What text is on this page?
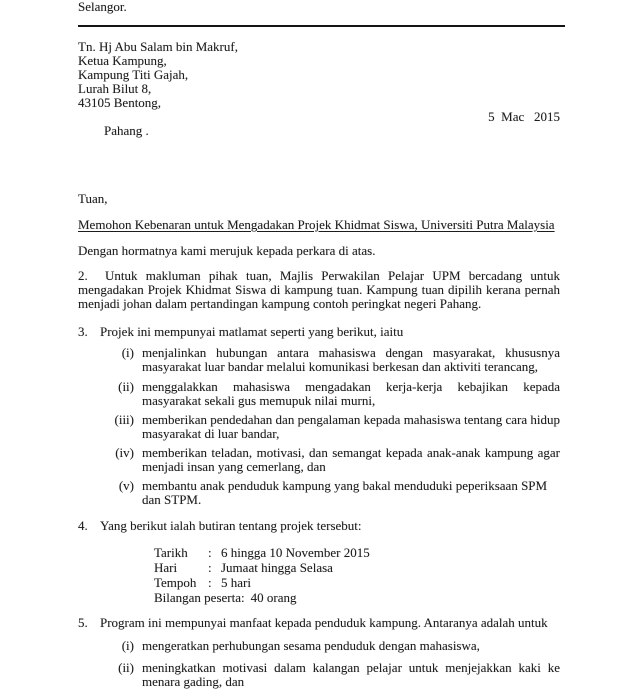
Selangor.
Tn. Hj Abu Salam bin Makruf,
Ketua Kampung,
Kampung Titi Gajah,
Lurah Bilut 8,
43105 Bentong,

Pahang .

5  Mac   2015

Tuan,
Memohon Kebenaran untuk Mengadakan Projek Khidmat Siswa, Universiti Putra Malaysia
Dengan hormatnya kami merujuk kepada perkara di atas.
2. Untuk makluman pihak tuan, Majlis Perwakilan Pelajar UPM bercadang untuk mengadakan Projek Khidmat Siswa di kampung tuan. Kampung tuan dipilih kerana pernah menjadi johan dalam pertandingan kampung contoh peringkat negeri Pahang.
3. Projek ini mempunyai matlamat seperti yang berikut, iaitu
(i) menjalinkan hubungan antara mahasiswa dengan masyarakat, khususnya masyarakat luar bandar melalui komunikasi berkesan dan aktiviti terancang,
(ii) menggalakkan mahasiswa mengadakan kerja-kerja kebajikan kepada masyarakat sekali gus memupuk nilai murni,
(iii) memberikan pendedahan dan pengalaman kepada mahasiswa tentang cara hidup masyarakat di luar bandar,
(iv) memberikan teladan, motivasi, dan semangat kepada anak-anak kampung agar menjadi insan yang cemerlang, dan
(v) membantu anak penduduk kampung yang bakal menduduki peperiksaan SPM dan STPM.
4. Yang berikut ialah butiran tentang projek tersebut:
Tarikh	: 6 hingga 10 November 2015
Hari	: Jumaat hingga Selasa
Tempoh : 5 hari
Bilangan peserta: 40 orang
5. Program ini mempunyai manfaat kepada penduduk kampung. Antaranya adalah untuk
(i) mengeratkan perhubungan sesama penduduk dengan mahasiswa,
(ii) meningkatkan motivasi dalam kalangan pelajar untuk menjejakkan kaki ke menara gading, dan
